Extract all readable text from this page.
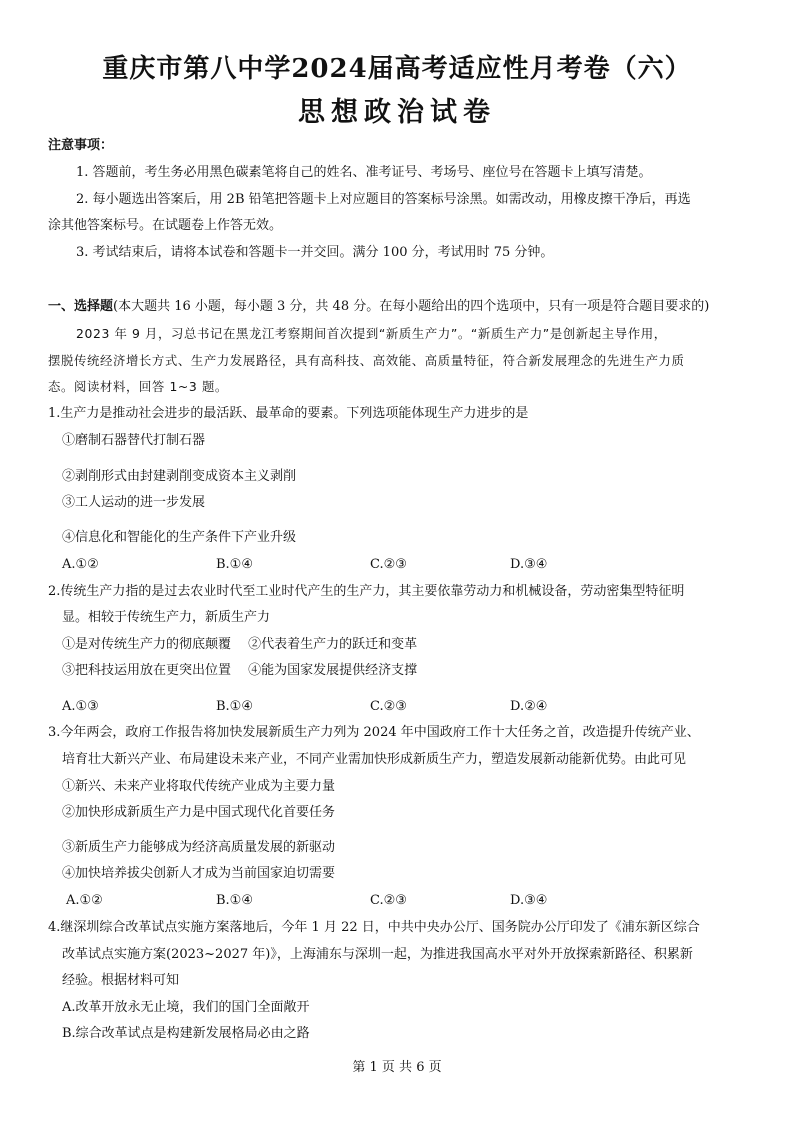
重庆市第八中学2024届高考适应性月考卷（六）
思想政治试卷
注意事项：
1. 答题前，考生务必用黑色碳素笔将自己的姓名、准考证号、考场号、座位号在答题卡上填写清楚。
2. 每小题选出答案后，用 2B 铅笔把答题卡上对应题目的答案标号涂黑。如需改动，用橡皮擦干净后，再选
涂其他答案标号。在试题卷上作答无效。
3. 考试结束后，请将本试卷和答题卡一并交回。满分 100 分，考试用时 75 分钟。
一、选择题(本大题共 16 小题，每小题 3 分，共 48 分。在每小题给出的四个选项中，只有一项是符合题目要求的)
2023 年 9 月，习总书记在黑龙江考察期间首次提到“新质生产力”。“新质生产力”是创新起主导作用，
摆脱传统经济增长方式、生产力发展路径，具有高科技、高效能、高质量特征，符合新发展理念的先进生产力质
态。阅读材料，回答 1~3 题。
1.生产力是推动社会进步的最活跃、最革命的要素。下列选项能体现生产力进步的是
①磨制石器替代打制石器
②剥削形式由封建剥削变成资本主义剥削
③工人运动的进一步发展
④信息化和智能化的生产条件下产业升级
A.①②	B.①④	C.②③	D.③④
2.传统生产力指的是过去农业时代至工业时代产生的生产力，其主要依靠劳动力和机械设备，劳动密集型特征明
显。相较于传统生产力，新质生产力
①是对传统生产力的彻底颠覆　 ②代表着生产力的跃迁和变革
③把科技运用放在更突出位置　 ④能为国家发展提供经济支撑
A.①③	B.①④	C.②③	D.②④
3.今年两会，政府工作报告将加快发展新质生产力列为 2024 年中国政府工作十大任务之首，改造提升传统产业、
培育壮大新兴产业、布局建设未来产业，不同产业需加快形成新质生产力，塑造发展新动能新优势。由此可见
①新兴、未来产业将取代传统产业成为主要力量
②加快形成新质生产力是中国式现代化首要任务
③新质生产力能够成为经济高质量发展的新驱动
④加快培养拔尖创新人才成为当前国家迫切需要
A.①②	B.①④	C.②③	D.③④
4.继深圳综合改革试点实施方案落地后，今年 1 月 22 日，中共中央办公厅、国务院办公厅印发了《浦东新区综合
改革试点实施方案(2023~2027 年)》，上海浦东与深圳一起，为推进我国高水平对外开放探索新路径、积累新
经验。根据材料可知
A.改革开放永无止境，我们的国门全面敞开
B.综合改革试点是构建新发展格局必由之路
第 1 页 共 6 页
